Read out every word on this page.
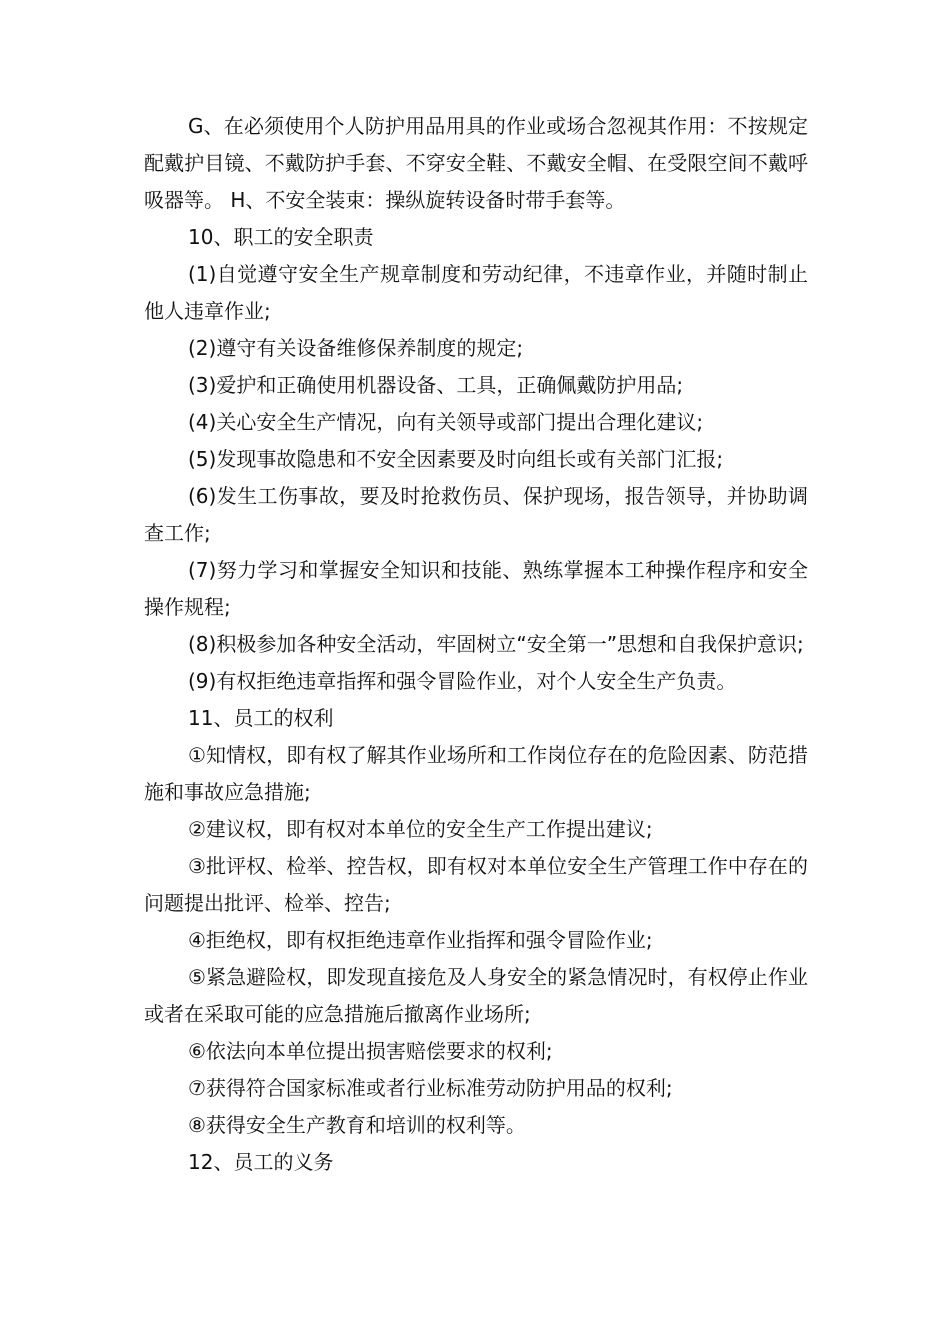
G、在必须使用个人防护用品用具的作业或场合忽视其作用：不按规定配戴护目镜、不戴防护手套、不穿安全鞋、不戴安全帽、在受限空间不戴呼吸器等。 H、不安全装束：操纵旋转设备时带手套等。

10、职工的安全职责

(1)自觉遵守安全生产规章制度和劳动纪律，不违章作业，并随时制止他人违章作业;

(2)遵守有关设备维修保养制度的规定;

(3)爱护和正确使用机器设备、工具，正确佩戴防护用品;

(4)关心安全生产情况，向有关领导或部门提出合理化建议;

(5)发现事故隐患和不安全因素要及时向组长或有关部门汇报;

(6)发生工伤事故，要及时抢救伤员、保护现场，报告领导，并协助调查工作;

(7)努力学习和掌握安全知识和技能、熟练掌握本工种操作程序和安全操作规程;

(8)积极参加各种安全活动，牢固树立“安全第一”思想和自我保护意识;

(9)有权拒绝违章指挥和强令冒险作业，对个人安全生产负责。

11、员工的权利

①知情权，即有权了解其作业场所和工作岗位存在的危险因素、防范措施和事故应急措施;

②建议权，即有权对本单位的安全生产工作提出建议;

③批评权、检举、控告权，即有权对本单位安全生产管理工作中存在的问题提出批评、检举、控告;

④拒绝权，即有权拒绝违章作业指挥和强令冒险作业;

⑤紧急避险权，即发现直接危及人身安全的紧急情况时，有权停止作业或者在采取可能的应急措施后撤离作业场所;

⑥依法向本单位提出损害赔偿要求的权利;

⑦获得符合国家标准或者行业标准劳动防护用品的权利;

⑧获得安全生产教育和培训的权利等。

12、员工的义务
